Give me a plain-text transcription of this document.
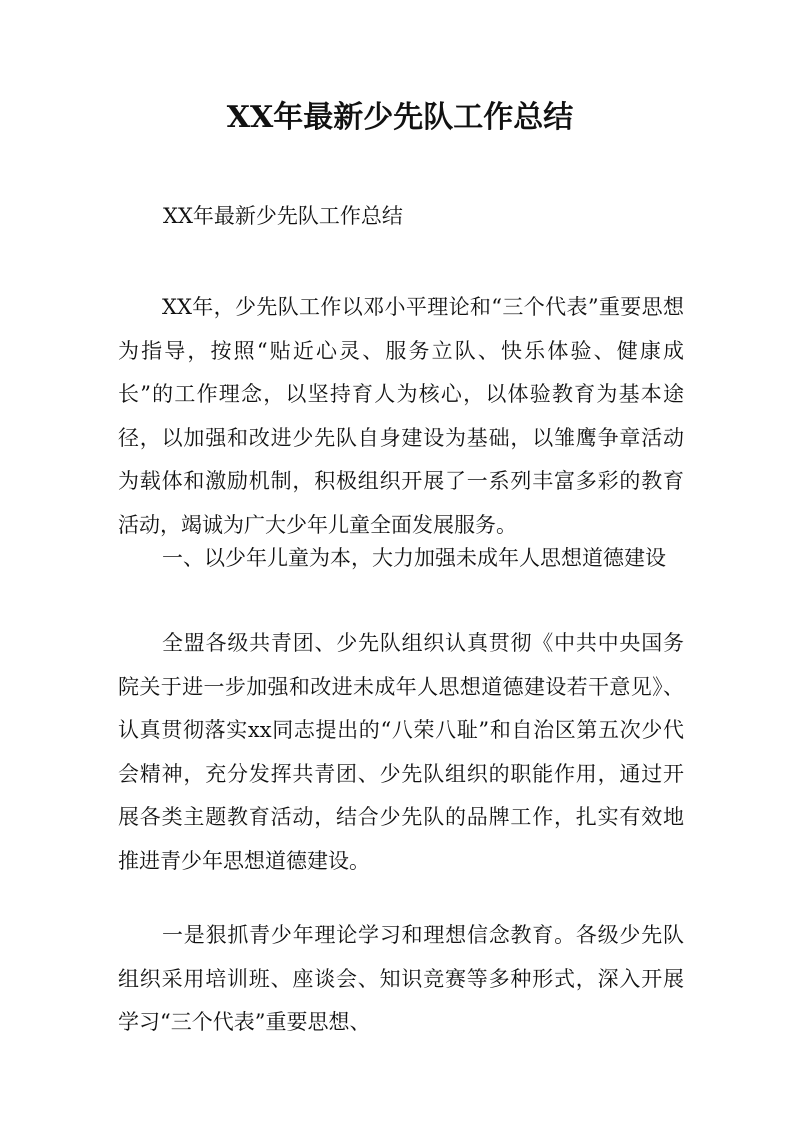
XX年最新少先队工作总结

XX年最新少先队工作总结

XX年，少先队工作以邓小平理论和“三个代表”重要思想为指导，按照“贴近心灵、服务立队、快乐体验、健康成长”的工作理念，以坚持育人为核心，以体验教育为基本途径，以加强和改进少先队自身建设为基础，以雏鹰争章活动为载体和激励机制，积极组织开展了一系列丰富多彩的教育活动，竭诚为广大少年儿童全面发展服务。

一、以少年儿童为本，大力加强未成年人思想道德建设

全盟各级共青团、少先队组织认真贯彻《中共中央国务院关于进一步加强和改进未成年人思想道德建设若干意见》、认真贯彻落实xx同志提出的“八荣八耻”和自治区第五次少代会精神，充分发挥共青团、少先队组织的职能作用，通过开展各类主题教育活动，结合少先队的品牌工作，扎实有效地推进青少年思想道德建设。

一是狠抓青少年理论学习和理想信念教育。各级少先队组织采用培训班、座谈会、知识竞赛等多种形式，深入开展学习“三个代表”重要思想、
